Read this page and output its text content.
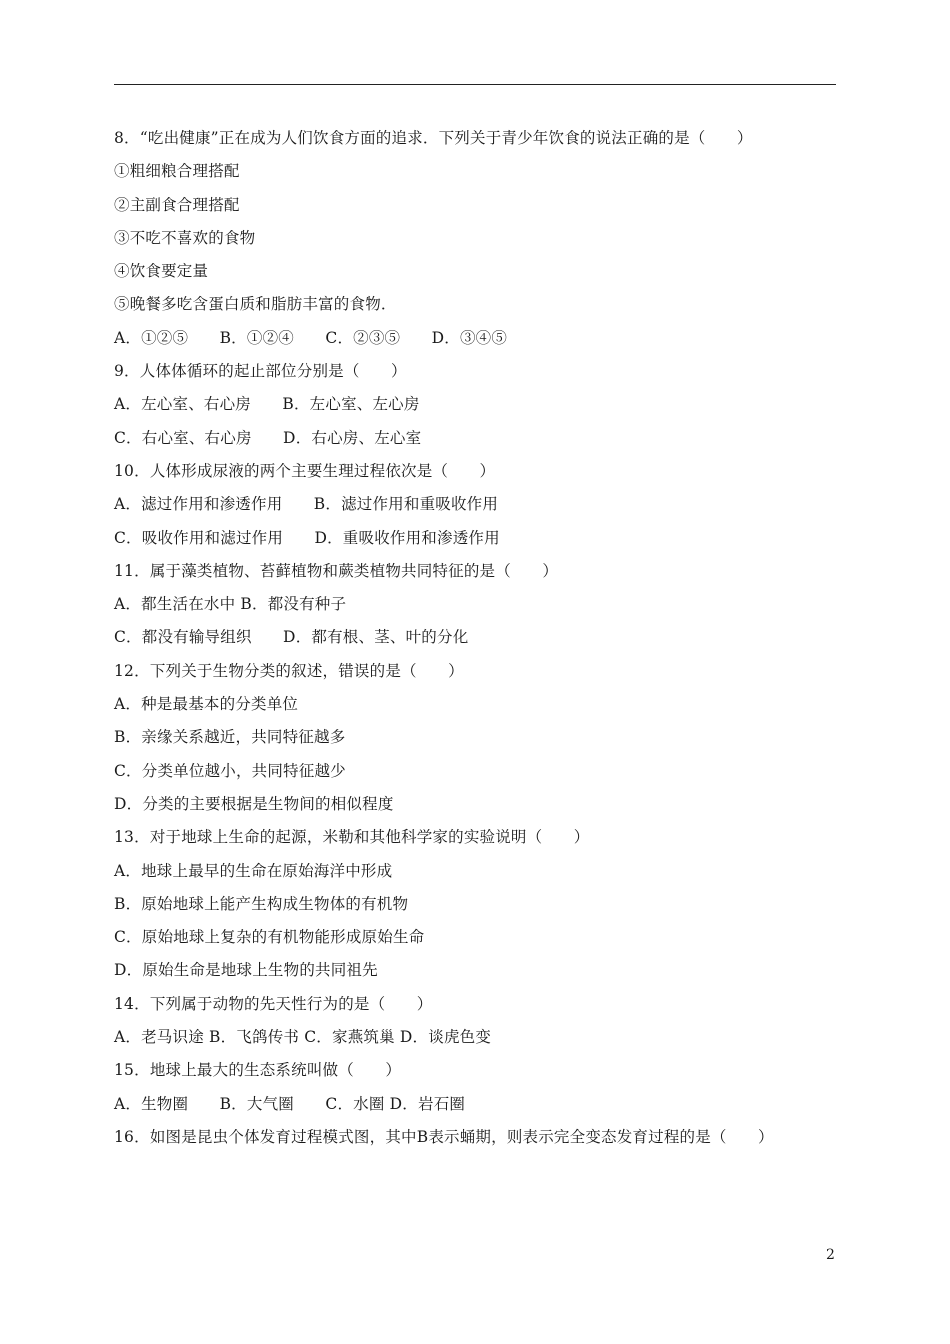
8．“吃出健康”正在成为人们饮食方面的追求．下列关于青少年饮食的说法正确的是（　　）
①粗细粮合理搭配
②主副食合理搭配
③不吃不喜欢的食物
④饮食要定量
⑤晚餐多吃含蛋白质和脂肪丰富的食物．
A．①②⑤　　B．①②④　　C．②③⑤　　D．③④⑤
9．人体体循环的起止部位分别是（　　）
A．左心室、右心房　　B．左心室、左心房
C．右心室、右心房　　D．右心房、左心室
10．人体形成尿液的两个主要生理过程依次是（　　）
A．滤过作用和渗透作用　　B．滤过作用和重吸收作用
C．吸收作用和滤过作用　　D．重吸收作用和渗透作用
11．属于藻类植物、苔藓植物和蕨类植物共同特征的是（　　）
A．都生活在水中 B．都没有种子
C．都没有输导组织　　D．都有根、茎、叶的分化
12．下列关于生物分类的叙述，错误的是（　　）
A．种是最基本的分类单位
B．亲缘关系越近，共同特征越多
C．分类单位越小，共同特征越少
D．分类的主要根据是生物间的相似程度
13．对于地球上生命的起源，米勒和其他科学家的实验说明（　　）
A．地球上最早的生命在原始海洋中形成
B．原始地球上能产生构成生物体的有机物
C．原始地球上复杂的有机物能形成原始生命
D．原始生命是地球上生物的共同祖先
14．下列属于动物的先天性行为的是（　　）
A．老马识途 B．飞鸽传书 C．家燕筑巢 D．谈虎色变
15．地球上最大的生态系统叫做（　　）
A．生物圈　　B．大气圈　　C．水圈 D．岩石圈
16．如图是昆虫个体发育过程模式图，其中B表示蛹期，则表示完全变态发育过程的是（　　）
2
